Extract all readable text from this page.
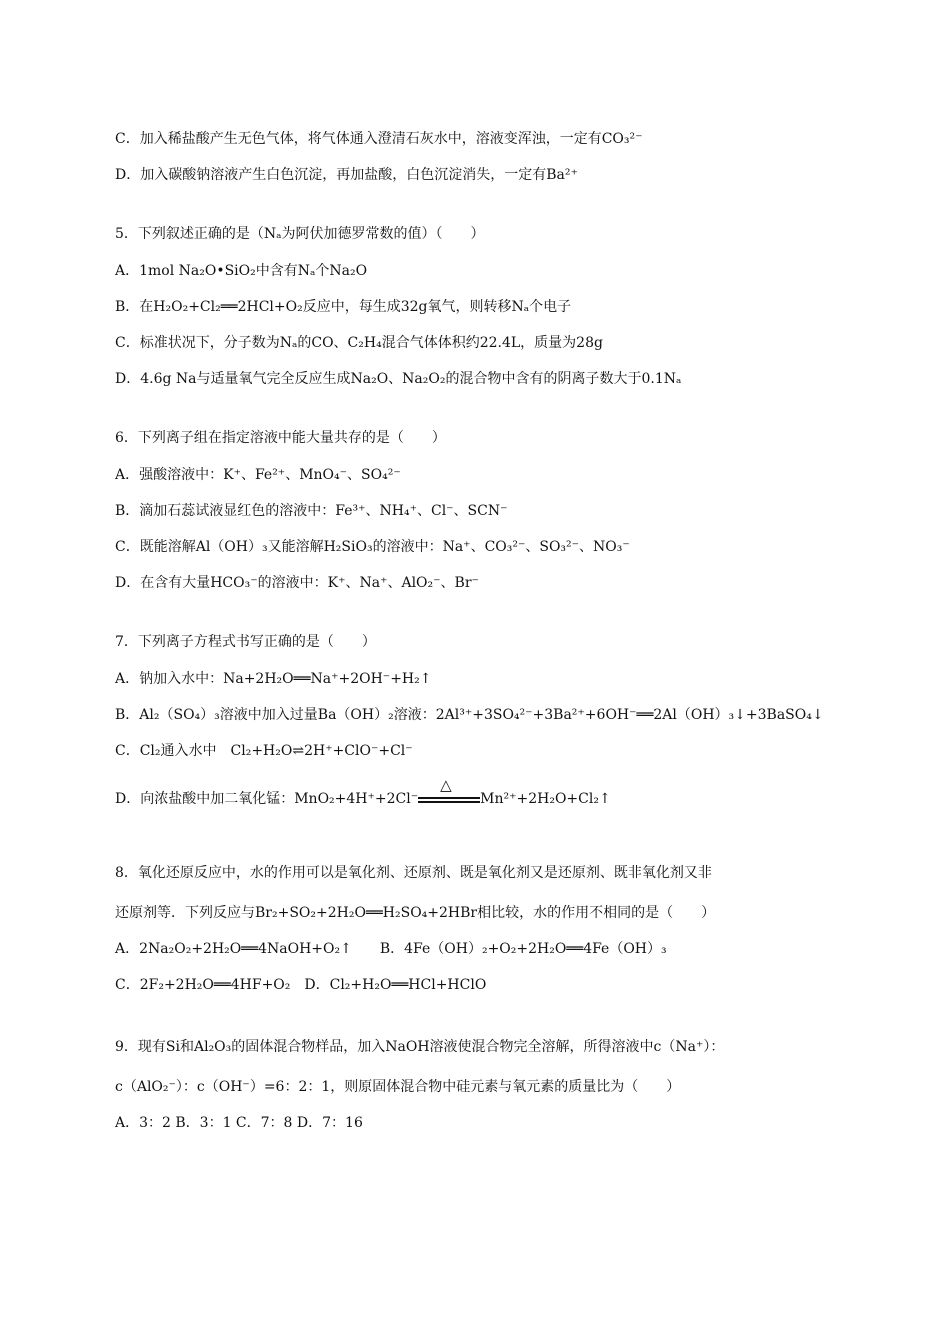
C．加入稀盐酸产生无色气体，将气体通入澄清石灰水中，溶液变浑浊，一定有CO₃²⁻
D．加入碳酸钠溶液产生白色沉淀，再加盐酸，白色沉淀消失，一定有Ba²⁺
5．下列叙述正确的是（Nₐ为阿伏加德罗常数的值）（　　）
A．1mol Na₂O•SiO₂中含有Nₐ个Na₂O
B．在H₂O₂+Cl₂══2HCl+O₂反应中，每生成32g氧气，则转移Nₐ个电子
C．标准状况下，分子数为Nₐ的CO、C₂H₄混合气体体积约22.4L，质量为28g
D．4.6g Na与适量氧气完全反应生成Na₂O、Na₂O₂的混合物中含有的阴离子数大于0.1Nₐ
6．下列离子组在指定溶液中能大量共存的是（　　）
A．强酸溶液中：K⁺、Fe²⁺、MnO₄⁻、SO₄²⁻
B．滴加石蕊试液显红色的溶液中：Fe³⁺、NH₄⁺、Cl⁻、SCN⁻
C．既能溶解Al（OH）₃又能溶解H₂SiO₃的溶液中：Na⁺、CO₃²⁻、SO₃²⁻、NO₃⁻
D．在含有大量HCO₃⁻的溶液中：K⁺、Na⁺、AlO₂⁻、Br⁻
7．下列离子方程式书写正确的是（　　）
A．钠加入水中：Na+2H₂O══Na⁺+2OH⁻+H₂↑
B．Al₂（SO₄）₃溶液中加入过量Ba（OH）₂溶液：2Al³⁺+3SO₄²⁻+3Ba²⁺+6OH⁻══2Al（OH）₃↓+3BaSO₄↓
C．Cl₂通入水中　Cl₂+H₂O⇌2H⁺+ClO⁻+Cl⁻
D．向浓盐酸中加二氧化锰：MnO₂+4H⁺+2Cl⁻
△
Mn²⁺+2H₂O+Cl₂↑
8．氧化还原反应中，水的作用可以是氧化剂、还原剂、既是氧化剂又是还原剂、既非氧化剂又非
还原剂等．下列反应与Br₂+SO₂+2H₂O══H₂SO₄+2HBr相比较，水的作用不相同的是（　　）
A．2Na₂O₂+2H₂O══4NaOH+O₂↑　　B．4Fe（OH）₂+O₂+2H₂O══4Fe（OH）₃
C．2F₂+2H₂O══4HF+O₂　D．Cl₂+H₂O══HCl+HClO
9．现有Si和Al₂O₃的固体混合物样品，加入NaOH溶液使混合物完全溶解，所得溶液中c（Na⁺）：
c（AlO₂⁻）：c（OH⁻）=6：2：1，则原固体混合物中硅元素与氧元素的质量比为（　　）
A．3：2 B．3：1 C．7：8 D．7：16
